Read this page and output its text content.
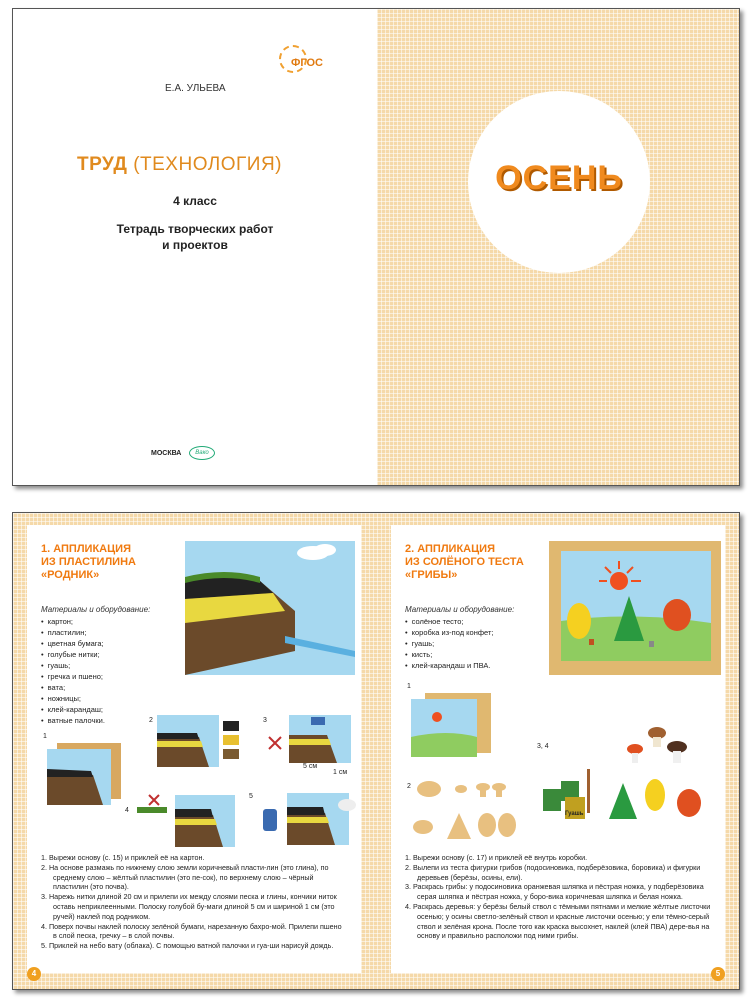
ФГОС
Е.А. УЛЬЕВА
ТРУД (ТЕХНОЛОГИЯ)
4 класс
Тетрадь творческих работ
и проектов
МОСКВА	Вако
ОСЕНЬ
1. АППЛИКАЦИЯ
ИЗ ПЛАСТИЛИНА
«РОДНИК»
Материалы и оборудование:
• картон;
• пластилин;
• цветная бумага;
• голубые нитки;
• гуашь;
• гречка и пшено;
• вата;
• ножницы;
• клей-карандаш;
• ватные палочки.
1
2	3
5 см
1 см
4
5
1. Вырежи основу (с. 15) и приклей её на картон.
2. На основе размажь по нижнему слою земли коричневый пласти-лин (это глина), по среднему слою – жёлтый пластилин (это пе-сок), по верхнему слою – чёрный пластилин (это почва).
3. Нарежь нитки длиной 20 см и прилепи их между слоями песка и глины, кончики ниток оставь неприклеенными. Полоску голубой бу-маги длиной 5 см и шириной 1 см (это ручей) наклей под родником.
4. Поверх почвы наклей полоску зелёной бумаги, нарезанную бахро-мой. Прилепи пшено в слой песка, гречку – в слой почвы.
5. Приклей на небо вату (облака). С помощью ватной палочки и гуа-ши нарисуй дождь.
4
2. АППЛИКАЦИЯ
ИЗ СОЛЁНОГО ТЕСТА
«ГРИБЫ»
Материалы и оборудование:
• солёное тесто;
• коробка из-под конфет;
• гуашь;
• кисть;
• клей-карандаш и ПВА.
1
2
3, 4
Гуашь
1. Вырежи основу (с. 17) и приклей её внутрь коробки.
2. Вылепи из теста фигурки грибов (подосиновика, подберёзовика, боровика) и фигурки деревьев (берёзы, осины, ели).
3. Раскрась грибы: у подосиновика оранжевая шляпка и пёстрая ножка, у подберёзовика серая шляпка и пёстрая ножка, у боро-вика коричневая шляпка и белая ножка.
4. Раскрась деревья: у берёзы белый ствол с тёмными пятнами и мелкие жёлтые листочки осенью; у осины светло-зелёный ствол и красные листочки осенью; у ели тёмно-серый ствол и зелёная крона. После того как краска высохнет, наклей (клей ПВА) дере-вья на основу и правильно расположи под ними грибы.
5
